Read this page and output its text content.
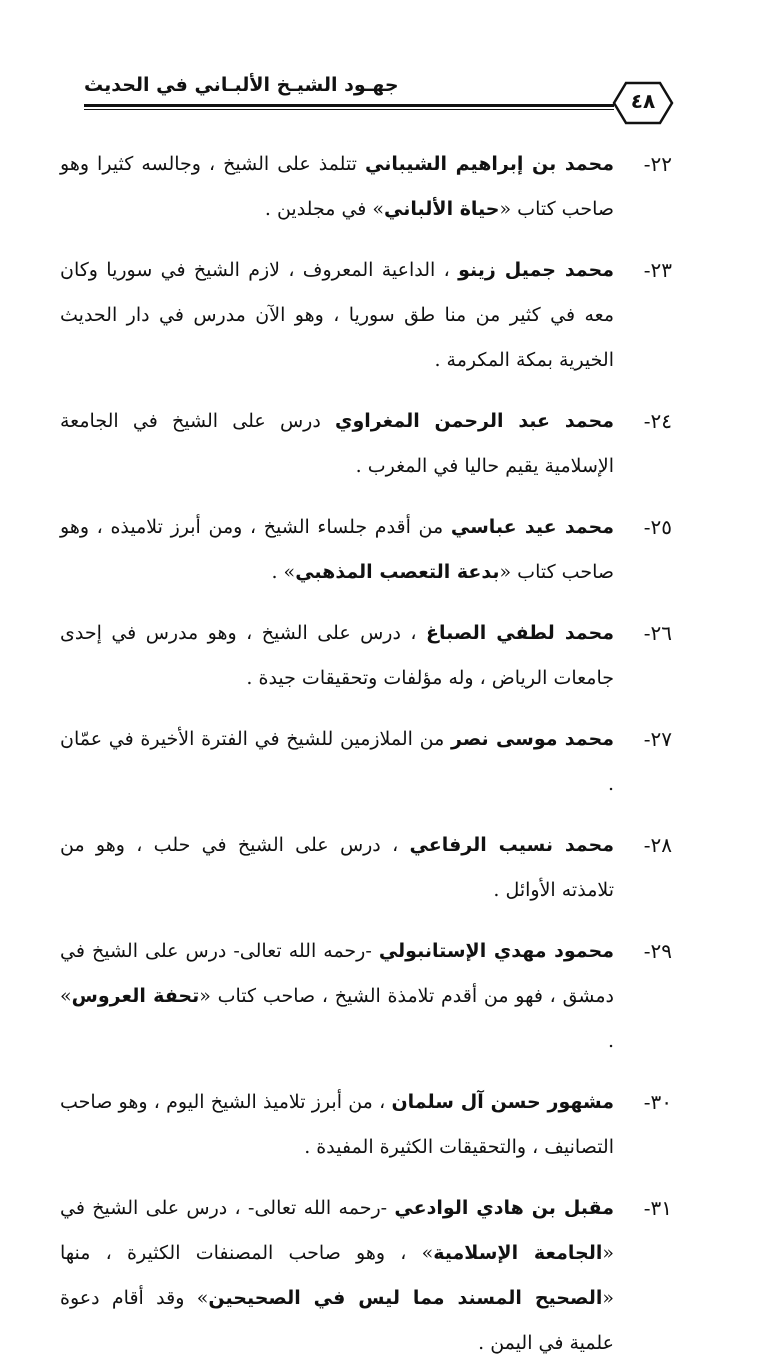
جهـود الشيـخ الألبـاني في الحديث
٤٨
٢٢-
محمد بن إبراهيم الشيباني تتلمذ على الشيخ ، وجالسه كثيرا وهو صاحب كتاب «حياة الألباني» في مجلدين .
٢٣-
محمد جميل زينو ، الداعية المعروف ، لازم الشيخ في سوريا وكان معه في كثير من منا طق سوريا ، وهو الآن مدرس في دار الحديث الخيرية بمكة المكرمة .
٢٤-
محمد عبد الرحمن المغراوي درس على الشيخ في الجامعة الإسلامية يقيم حاليا في المغرب .
٢٥-
محمد عيد عباسي من أقدم جلساء الشيخ ، ومن أبرز تلاميذه ، وهو صاحب كتاب «بدعة التعصب المذهبي» .
٢٦-
محمد لطفي الصباغ ، درس على الشيخ ، وهو مدرس في إحدى جامعات الرياض ، وله مؤلفات وتحقيقات جيدة .
٢٧-
محمد موسى نصر من الملازمين للشيخ في الفترة الأخيرة في عمّان .
٢٨-
محمد نسيب الرفاعي ، درس على الشيخ في حلب ، وهو من تلامذته الأوائل .
٢٩-
محمود مهدي الإستانبولي -رحمه الله تعالى- درس على الشيخ في دمشق ، فهو من أقدم تلامذة الشيخ ، صاحب كتاب «تحفة العروس» .
٣٠-
مشهور حسن آل سلمان ، من أبرز تلاميذ الشيخ اليوم ، وهو صاحب التصانيف ، والتحقيقات الكثيرة المفيدة .
٣١-
مقبل بن هادي الوادعي -رحمه الله تعالى- ، درس على الشيخ في «الجامعة الإسلامية» ، وهو صاحب المصنفات الكثيرة ، منها «الصحيح المسند مما ليس في الصحيحين» وقد أقام دعوة علمية في اليمن .
